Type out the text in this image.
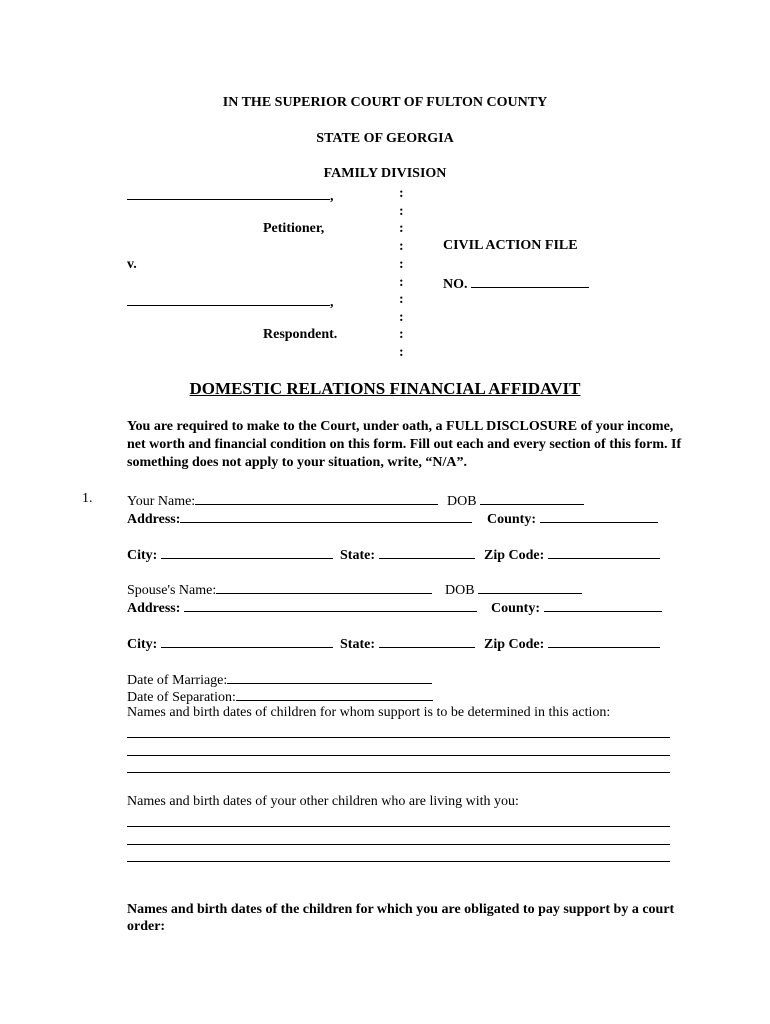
IN THE SUPERIOR COURT OF FULTON COUNTY
STATE OF GEORGIA
FAMILY DIVISION
,
Petitioner,
v.
,
Respondent.
:
:
:
:
:
:
:
:
:
:
CIVIL ACTION FILE
NO.
DOMESTIC RELATIONS FINANCIAL AFFIDAVIT
You are required to make to the Court, under oath, a FULL DISCLOSURE of your income, net worth and financial condition on this form. Fill out each and every section of this form. If something does not apply to your situation, write, “N/A”.
1. Your Name:	DOB
Address:	County:
City:	State:	Zip Code:
Spouse's Name:	DOB
Address:	County:
City:	State:	Zip Code:
Date of Marriage:
Date of Separation:
Names and birth dates of children for whom support is to be determined in this action:
Names and birth dates of your other children who are living with you:
Names and birth dates of the children for which you are obligated to pay support by a court order:
